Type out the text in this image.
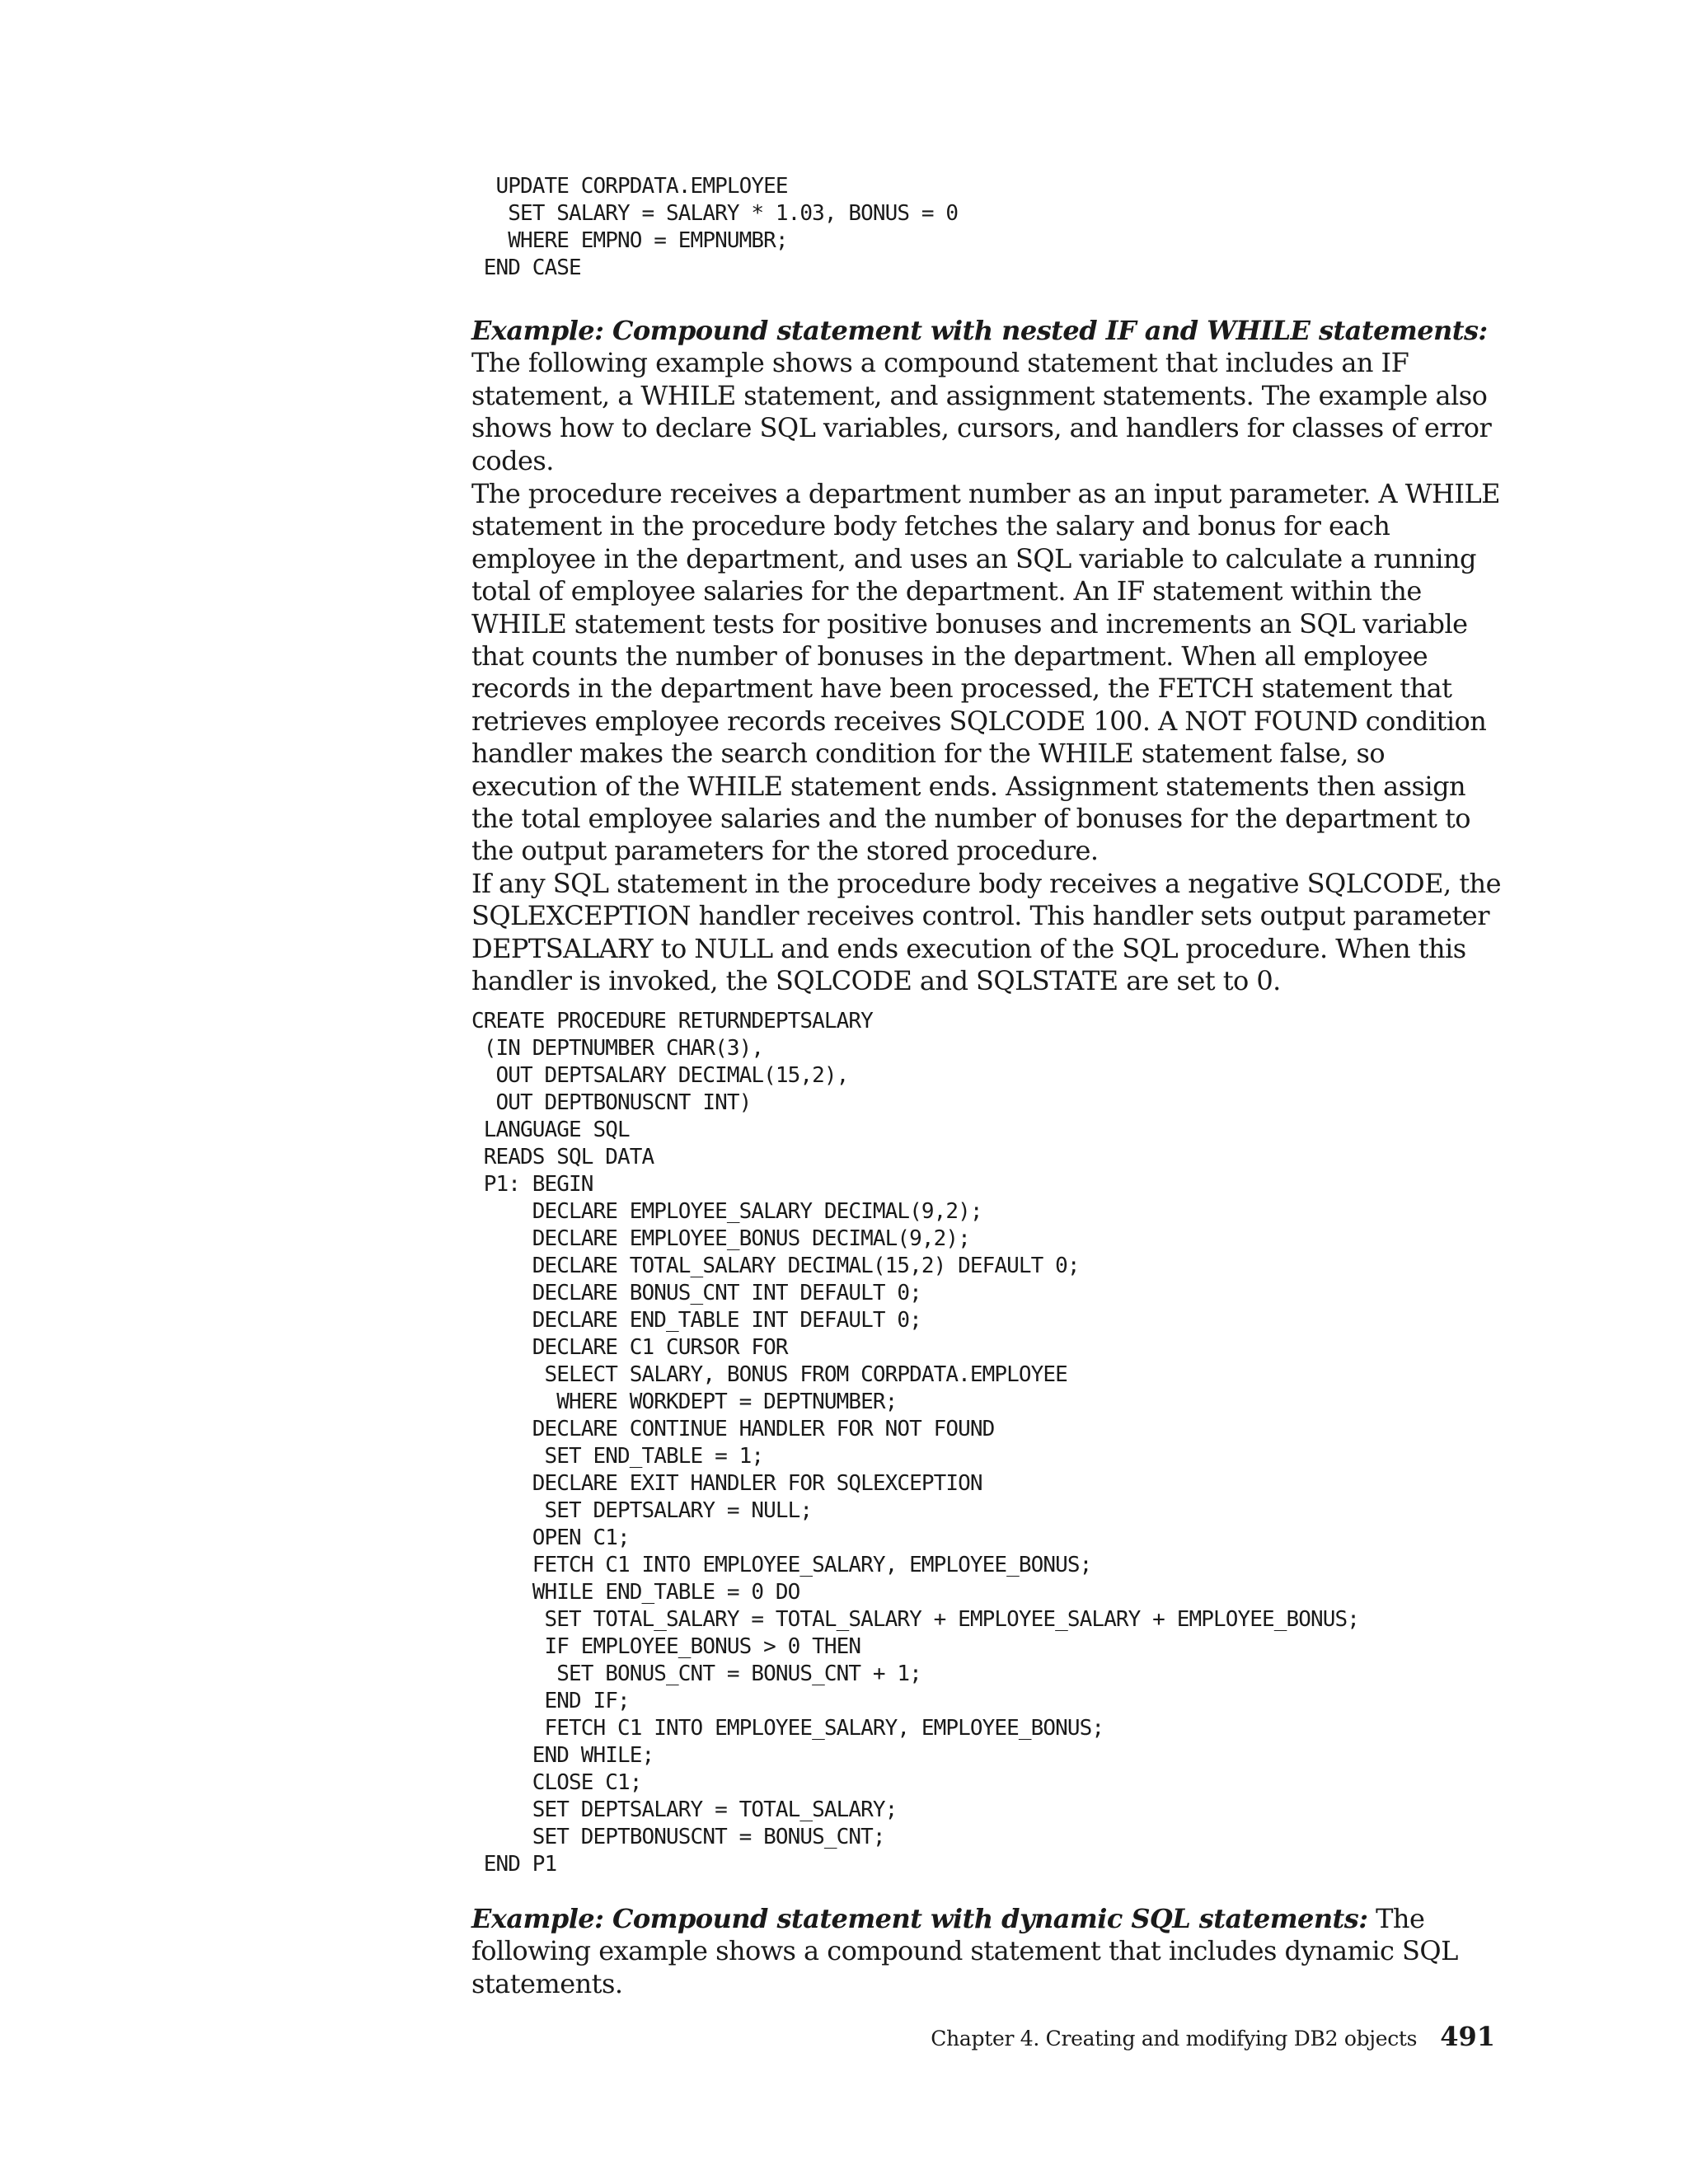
UPDATE CORPDATA.EMPLOYEE
SET SALARY = SALARY * 1.03, BONUS = 0
WHERE EMPNO = EMPNUMBR;
END CASE

Example: Compound statement with nested IF and WHILE statements: The following example shows a compound statement that includes an IF statement, a WHILE statement, and assignment statements. The example also shows how to declare SQL variables, cursors, and handlers for classes of error codes.

The procedure receives a department number as an input parameter. A WHILE statement in the procedure body fetches the salary and bonus for each employee in the department, and uses an SQL variable to calculate a running total of employee salaries for the department. An IF statement within the WHILE statement tests for positive bonuses and increments an SQL variable that counts the number of bonuses in the department. When all employee records in the department have been processed, the FETCH statement that retrieves employee records receives SQLCODE 100. A NOT FOUND condition handler makes the search condition for the WHILE statement false, so execution of the WHILE statement ends. Assignment statements then assign the total employee salaries and the number of bonuses for the department to the output parameters for the stored procedure.

If any SQL statement in the procedure body receives a negative SQLCODE, the SQLEXCEPTION handler receives control. This handler sets output parameter DEPTSALARY to NULL and ends execution of the SQL procedure. When this handler is invoked, the SQLCODE and SQLSTATE are set to 0.

CREATE PROCEDURE RETURNDEPTSALARY
(IN DEPTNUMBER CHAR(3),
OUT DEPTSALARY DECIMAL(15,2),
OUT DEPTBONUSCNT INT)
LANGUAGE SQL
READS SQL DATA
P1: BEGIN
DECLARE EMPLOYEE_SALARY DECIMAL(9,2);
DECLARE EMPLOYEE_BONUS DECIMAL(9,2);
DECLARE TOTAL_SALARY DECIMAL(15,2) DEFAULT 0;
DECLARE BONUS_CNT INT DEFAULT 0;
DECLARE END_TABLE INT DEFAULT 0;
DECLARE C1 CURSOR FOR
SELECT SALARY, BONUS FROM CORPDATA.EMPLOYEE
WHERE WORKDEPT = DEPTNUMBER;
DECLARE CONTINUE HANDLER FOR NOT FOUND
SET END_TABLE = 1;
DECLARE EXIT HANDLER FOR SQLEXCEPTION
SET DEPTSALARY = NULL;
OPEN C1;
FETCH C1 INTO EMPLOYEE_SALARY, EMPLOYEE_BONUS;
WHILE END_TABLE = 0 DO
SET TOTAL_SALARY = TOTAL_SALARY + EMPLOYEE_SALARY + EMPLOYEE_BONUS;
IF EMPLOYEE_BONUS > 0 THEN
SET BONUS_CNT = BONUS_CNT + 1;
END IF;
FETCH C1 INTO EMPLOYEE_SALARY, EMPLOYEE_BONUS;
END WHILE;
CLOSE C1;
SET DEPTSALARY = TOTAL_SALARY;
SET DEPTBONUSCNT = BONUS_CNT;
END P1

Example: Compound statement with dynamic SQL statements: The following example shows a compound statement that includes dynamic SQL statements.

Chapter 4. Creating and modifying DB2 objects 491
